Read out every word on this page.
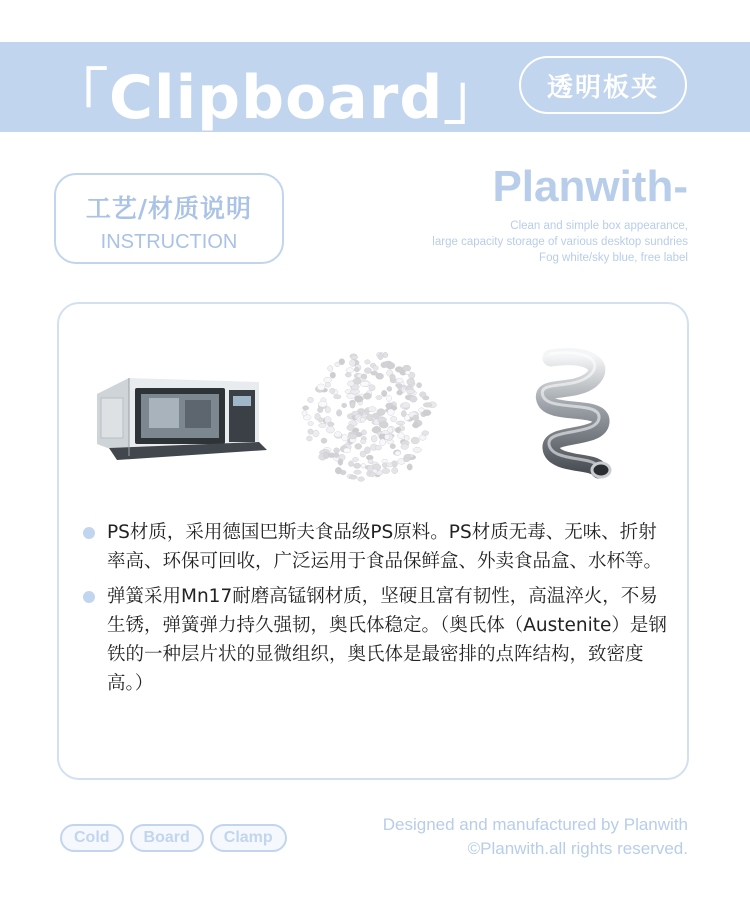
「Clipboard」	透明板夹
工艺/材质说明
INSTRUCTION
Planwith-
Clean and simple box appearance,
large capacity storage of various desktop sundries
Fog white/sky blue, free label
PS材质，采用德国巴斯夫食品级PS原料。PS材质无毒、无味、折射率高、环保可回收，广泛运用于食品保鲜盒、外卖食品盒、水杯等。
弹簧采用Mn17耐磨高锰钢材质，坚硬且富有韧性，高温淬火，不易生锈，弹簧弹力持久强韧，奥氏体稳定。（奥氏体（Austenite）是钢铁的一种层片状的显微组织，奥氏体是最密排的点阵结构，致密度高。）
Cold	Board	Clamp
Designed and manufactured by Planwith
©Planwith.all rights reserved.
